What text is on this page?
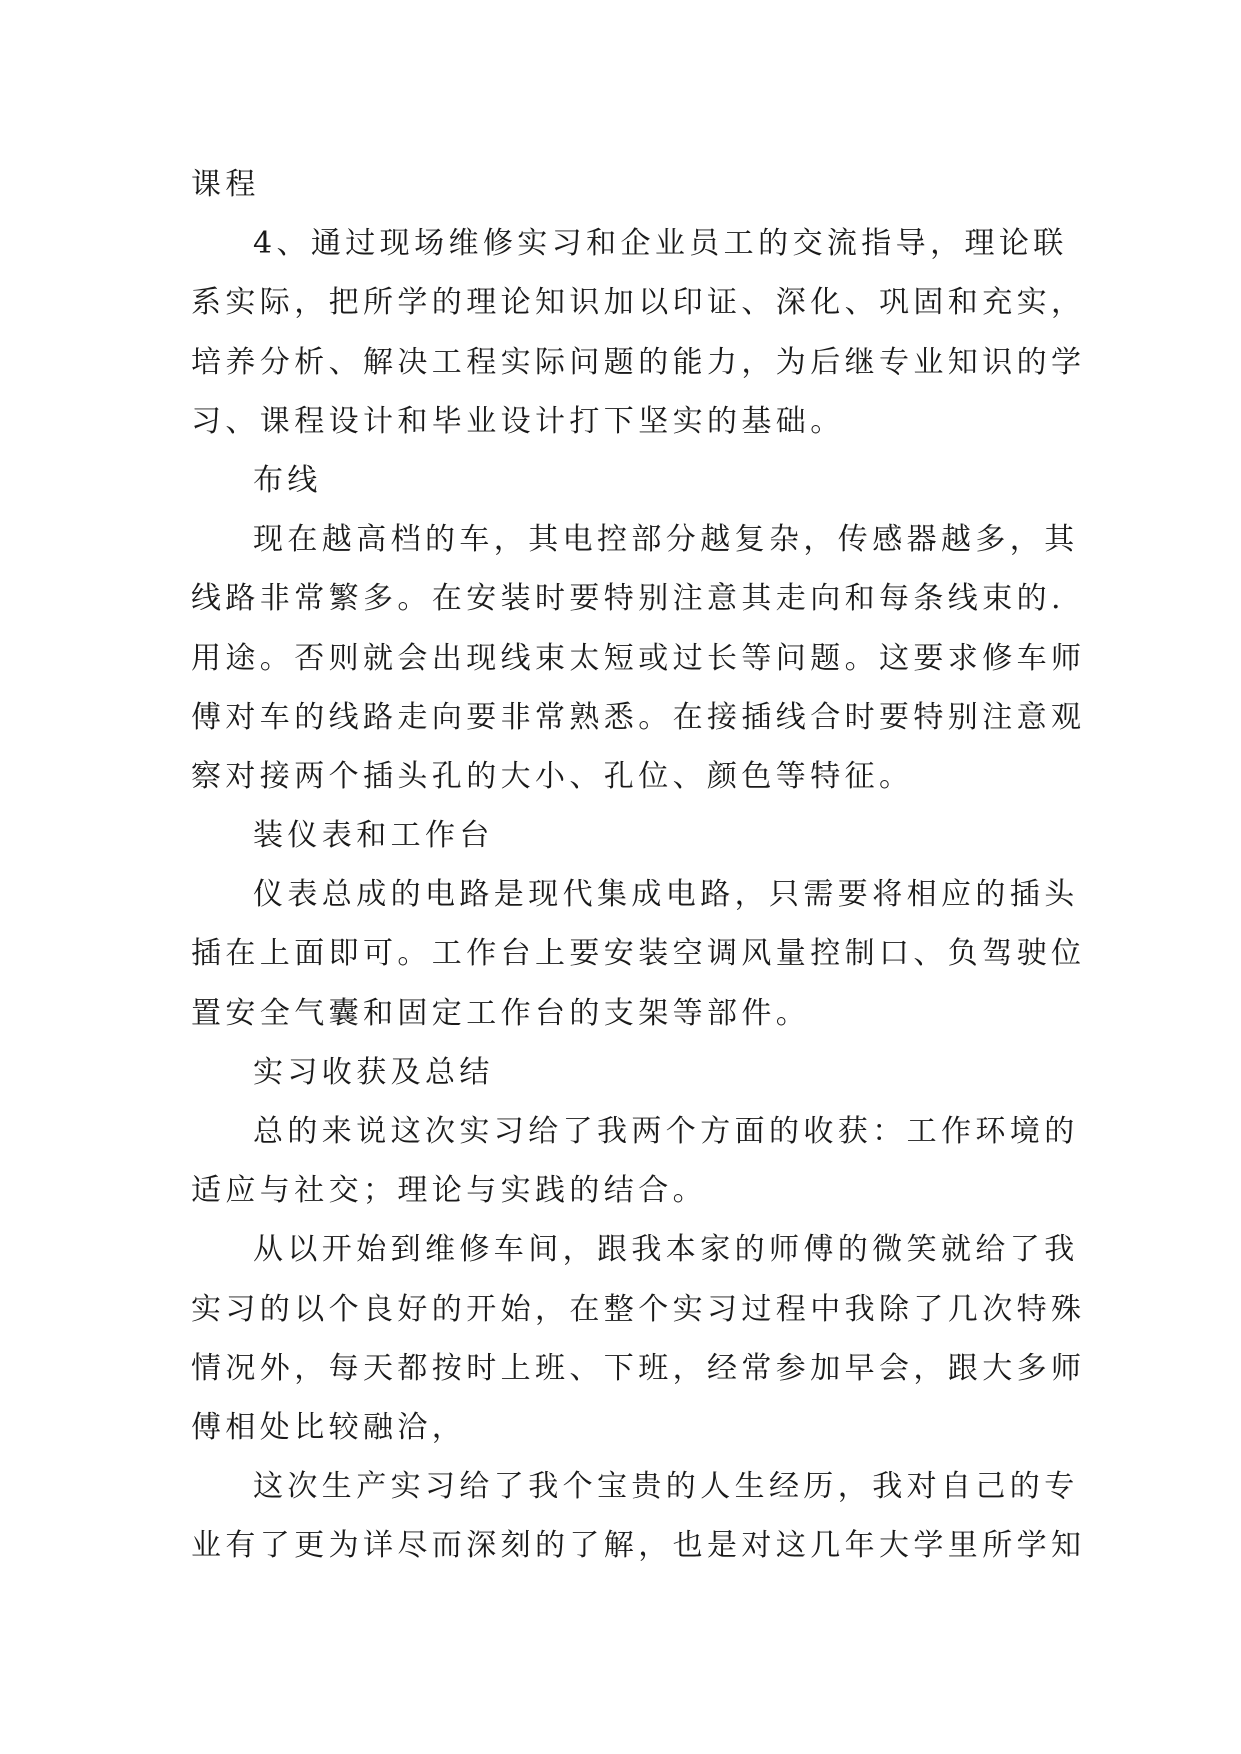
课程
4、通过现场维修实习和企业员工的交流指导，理论联
系实际，把所学的理论知识加以印证、深化、巩固和充实，
培养分析、解决工程实际问题的能力，为后继专业知识的学
习、课程设计和毕业设计打下坚实的基础。
布线
现在越高档的车，其电控部分越复杂，传感器越多，其
线路非常繁多。在安装时要特别注意其走向和每条线束的.
用途。否则就会出现线束太短或过长等问题。这要求修车师
傅对车的线路走向要非常熟悉。在接插线合时要特别注意观
察对接两个插头孔的大小、孔位、颜色等特征。
装仪表和工作台
仪表总成的电路是现代集成电路，只需要将相应的插头
插在上面即可。工作台上要安装空调风量控制口、负驾驶位
置安全气囊和固定工作台的支架等部件。
实习收获及总结
总的来说这次实习给了我两个方面的收获：工作环境的
适应与社交；理论与实践的结合。
从以开始到维修车间，跟我本家的师傅的微笑就给了我
实习的以个良好的开始，在整个实习过程中我除了几次特殊
情况外，每天都按时上班、下班，经常参加早会，跟大多师
傅相处比较融洽，
这次生产实习给了我个宝贵的人生经历，我对自己的专
业有了更为详尽而深刻的了解，也是对这几年大学里所学知
